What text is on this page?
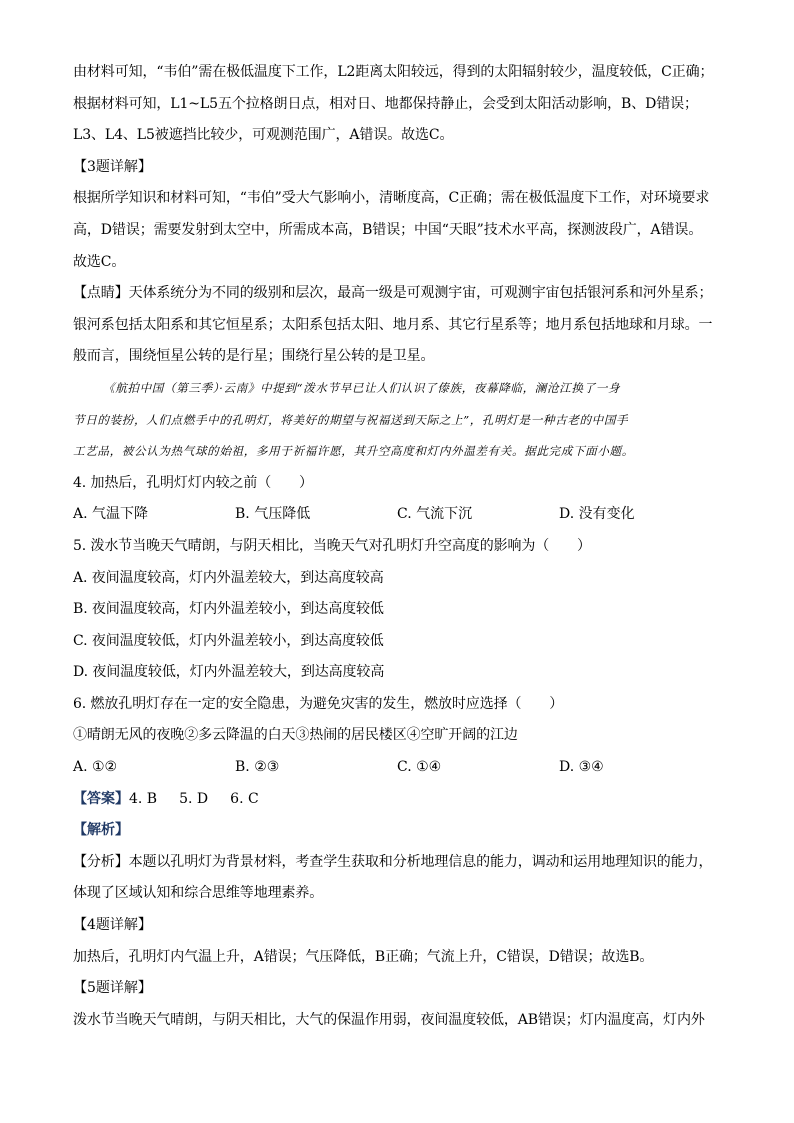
由材料可知，“韦伯”需在极低温度下工作，L2距离太阳较远，得到的太阳辐射较少，温度较低，C正确；
根据材料可知，L1~L5五个拉格朗日点，相对日、地都保持静止，会受到太阳活动影响，B、D错误；
L3、L4、L5被遮挡比较少，可观测范围广，A错误。故选C。
【3题详解】
根据所学知识和材料可知，“韦伯”受大气影响小，清晰度高，C正确；需在极低温度下工作，对环境要求
高，D错误；需要发射到太空中，所需成本高，B错误；中国“天眼”技术水平高，探测波段广，A错误。
故选C。
【点睛】天体系统分为不同的级别和层次，最高一级是可观测宇宙，可观测宇宙包括银河系和河外星系；
银河系包括太阳系和其它恒星系；太阳系包括太阳、地月系、其它行星系等；地月系包括地球和月球。一
般而言，围绕恒星公转的是行星；围绕行星公转的是卫星。
《航拍中国（第三季）·云南》中提到“泼水节早已让人们认识了傣族，夜幕降临，澜沧江换了一身
节日的装扮，人们点燃手中的孔明灯，将美好的期望与祝福送到天际之上”，孔明灯是一种古老的中国手
工艺品，被公认为热气球的始祖，多用于祈福许愿，其升空高度和灯内外温差有关。据此完成下面小题。
4. 加热后，孔明灯灯内较之前（　　）
A. 气温下降	B. 气压降低	C. 气流下沉	D. 没有变化
5. 泼水节当晚天气晴朗，与阴天相比，当晚天气对孔明灯升空高度的影响为（　　）
A. 夜间温度较高，灯内外温差较大，到达高度较高
B. 夜间温度较高，灯内外温差较小，到达高度较低
C. 夜间温度较低，灯内外温差较小，到达高度较低
D. 夜间温度较低，灯内外温差较大，到达高度较高
6. 燃放孔明灯存在一定的安全隐患，为避免灾害的发生，燃放时应选择（　　）
①晴朗无风的夜晚②多云降温的白天③热闹的居民楼区④空旷开阔的江边
A. ①②	B. ②③	C. ①④	D. ③④
【答案】4. B 5. D 6. C
【解析】
【分析】本题以孔明灯为背景材料，考查学生获取和分析地理信息的能力，调动和运用地理知识的能力，
体现了区域认知和综合思维等地理素养。
【4题详解】
加热后，孔明灯内气温上升，A错误；气压降低，B正确；气流上升，C错误，D错误；故选B。
【5题详解】
泼水节当晚天气晴朗，与阴天相比，大气的保温作用弱，夜间温度较低，AB错误；灯内温度高，灯内外
